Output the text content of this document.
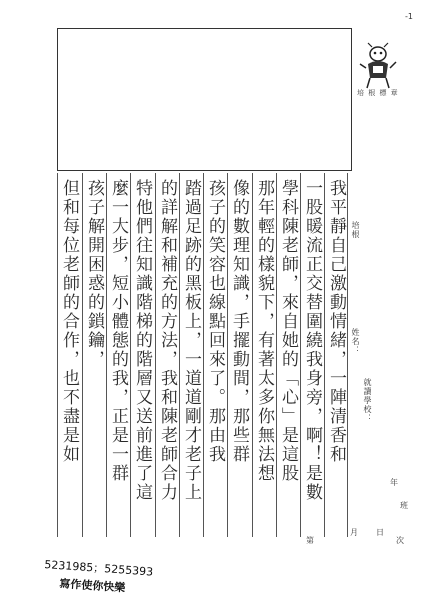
-1
培 根 標 章
我平靜自己激動情緒，一陣清香和
一股暖流正交替圍繞我身旁，啊！是數
學科陳老師，來自她的「心」是這股
那年輕的樣貌下，有著太多你無法想
像的數理知識，手擺動間，那些群
孩子的笑容也線點回來了。那由我
踏過足跡的黑板上，一道道剛才老子上
的詳解和補充的方法，我和陳老師合力
特他們往知識階梯的階層又送前進了這
麼一大步，短小體態的我，正是一群
孩子解開困惑的鎖鑰，
但和每位老師的合作，也不盡是如	培根
姓名：
就讀學校：
年
班
月 日
第	次
5231985；5255393
寫作使你快樂
